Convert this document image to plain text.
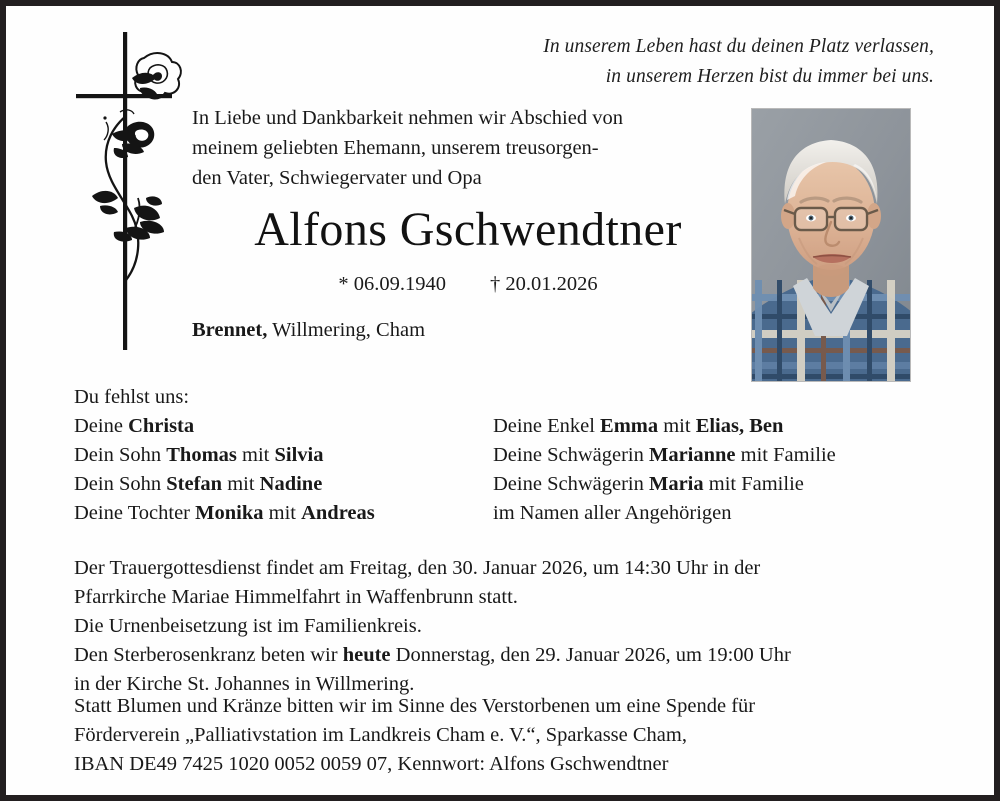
In unserem Leben hast du deinen Platz verlassen,
in unserem Herzen bist du immer bei uns.
In Liebe und Dankbarkeit nehmen wir Abschied von
meinem geliebten Ehemann, unserem treusorgen-
den Vater, Schwiegervater und Opa
Alfons Gschwendtner
* 06.09.1940 † 20.01.2026
Brennet, Willmering, Cham
Du fehlst uns:
Deine Christa
Dein Sohn Thomas mit Silvia
Dein Sohn Stefan mit Nadine
Deine Tochter Monika mit Andreas
Deine Enkel Emma mit Elias, Ben
Deine Schwägerin Marianne mit Familie
Deine Schwägerin Maria mit Familie
im Namen aller Angehörigen

Der Trauergottesdienst findet am Freitag, den 30. Januar 2026, um 14:30 Uhr in der
Pfarrkirche Mariae Himmelfahrt in Waffenbrunn statt.
Die Urnenbeisetzung ist im Familienkreis.

Den Sterberosenkranz beten wir heute Donnerstag, den 29. Januar 2026, um 19:00 Uhr
in der Kirche St. Johannes in Willmering.

Statt Blumen und Kränze bitten wir im Sinne des Verstorbenen um eine Spende für
Förderverein „Palliativstation im Landkreis Cham e. V.“, Sparkasse Cham,
IBAN DE49 7425 1020 0052 0059 07, Kennwort: Alfons Gschwendtner
